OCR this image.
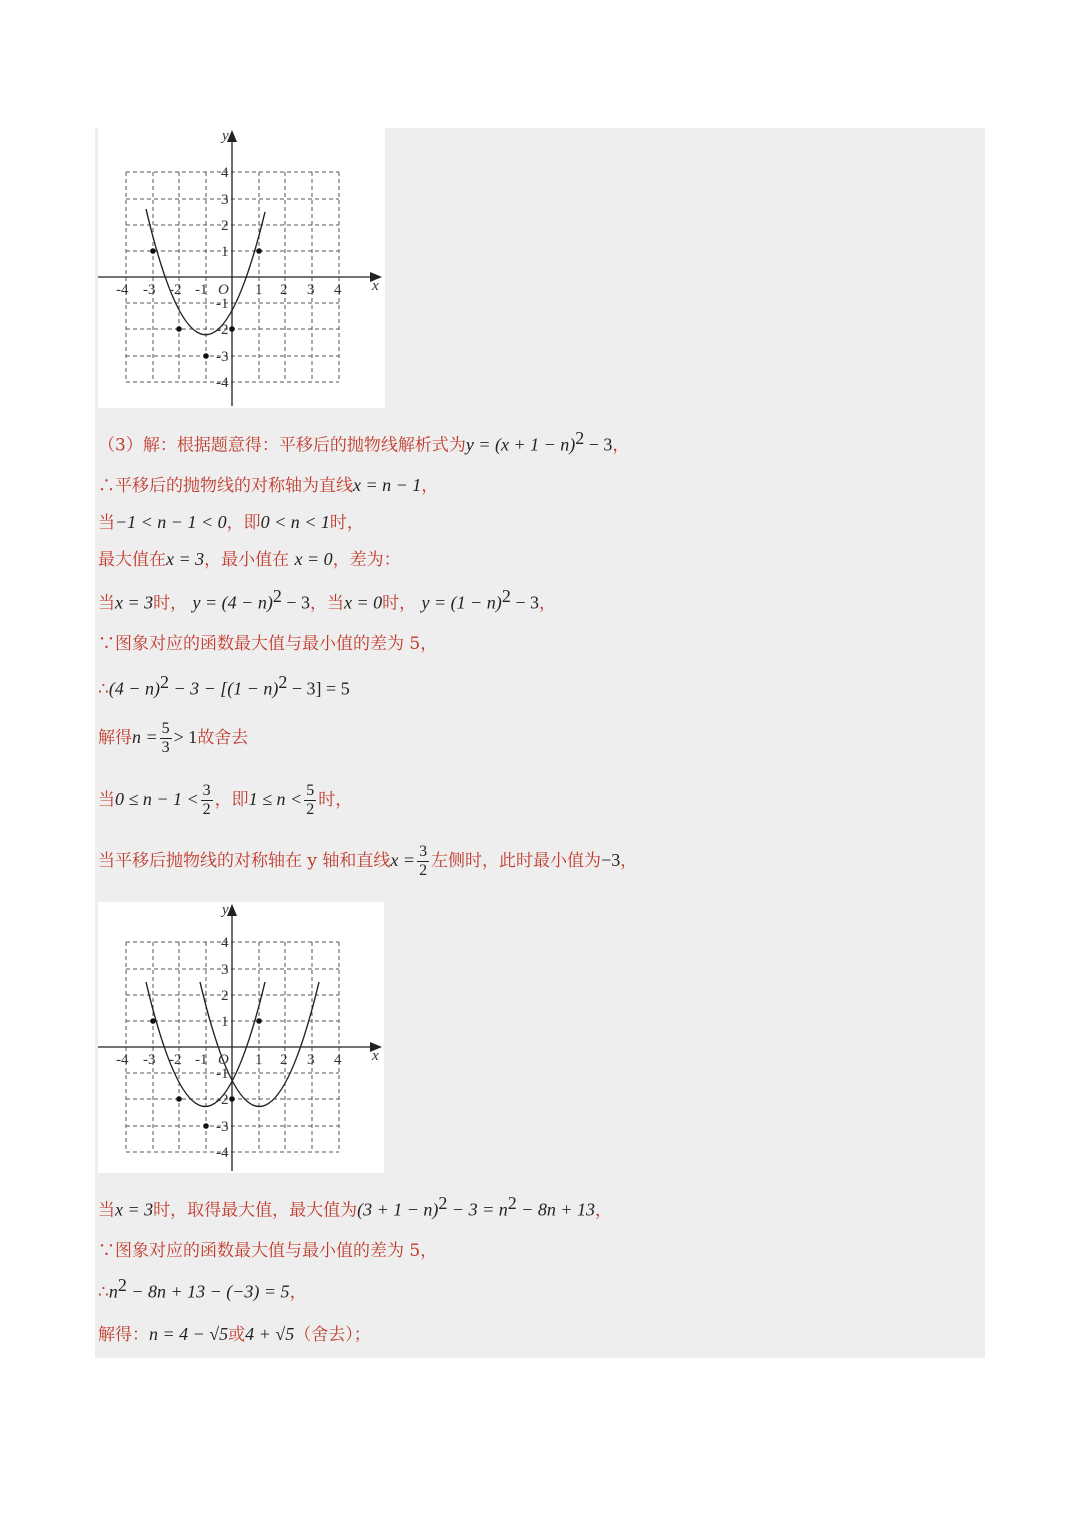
y
x
O
-4 -3 -2 -1	1 2 3 4
4
3
2
1
-1
-2
-3
-4
（3）解：根据题意得：平移后的抛物线解析式为$y = (x + 1 - n)^2 - 3$，
∴平移后的抛物线的对称轴为直线x = n − 1，
当−1 < n − 1 < 0，即0 < n < 1时，
最大值在x = 3，最小值在 x = 0，差为：
当x = 3时， $y = (4 - n)^2 - 3$，当x = 0时， $y = (1 - n)^2 - 3$，
∵图象对应的函数最大值与最小值的差为 5，
∴(4 − $n)^2 - 3 - [(1 - n)^2 - 3] = 5$
解得$n = \frac{5}{3} > 1$故舍去
当$0 \le n - 1 < \frac{3}{2}$ ，即$1 \le n < \frac{5}{2}$ 时，
当平移后抛物线的对称轴在 y 轴和直线$x = \frac{3}{2}$ 左侧时，此时最小值为−3，
y
x
O
-4 -3 -2 -1	1 2 3 4
4
3
2
1
-1
-2
-3
-4
当x = 3时，取得最大值，最大值为$(3 + 1 - n)^2 - 3 = n^2 - 8n + 13$，
∵图象对应的函数最大值与最小值的差为 5，
$\therefore n^2 - 8n + 13 - (-3) = 5$，
解得：n = 4 − √5或4 + √5（舍去）；
